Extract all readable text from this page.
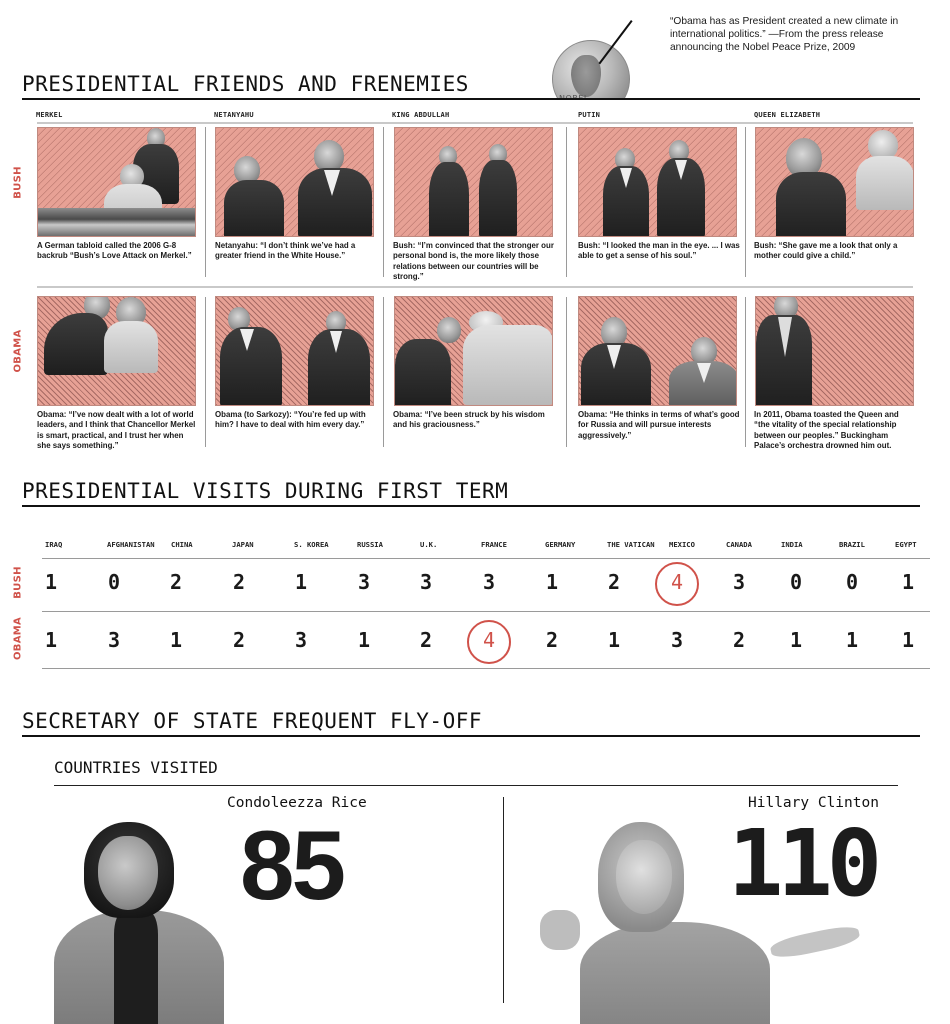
“Obama has as President created a new climate in international politics.” —From the press release announcing the Nobel Peace Prize, 2009
PRESIDENTIAL FRIENDS AND FRENEMIES
MERKEL	NETANYAHU	KING ABDULLAH	PUTIN	QUEEN ELIZABETH
BUSH
OBAMA
A German tabloid called the 2006 G-8 backrub “Bush’s Love Attack on Merkel.”
Netanyahu: “I don’t think we’ve had a greater friend in the White House.”
Bush: “I’m convinced that the stronger our personal bond is, the more likely those relations between our countries will be strong.”
Bush: “I looked the man in the eye. ... I was able to get a sense of his soul.”
Bush: “She gave me a look that only a mother could give a child.”
Obama: “I’ve now dealt with a lot of world leaders, and I think that Chancellor Merkel is smart, practical, and I trust her when she says something.”
Obama (to Sarkozy): “You’re fed up with him? I have to deal with him every day.”
Obama: “I’ve been struck by his wisdom and his graciousness.”
Obama: “He thinks in terms of what’s good for Russia and will pursue interests aggressively.”
In 2011, Obama toasted the Queen and “the vitality of the special relationship between our peoples.” Buckingham Palace’s orchestra drowned him out.
PRESIDENTIAL VISITS DURING FIRST TERM
IRAQ	AFGHANISTAN CHINA	JAPAN	S. KOREA	RUSSIA	U.K.	FRANCE	GERMANY	THE VATICAN MEXICO	CANADA	INDIA	BRAZIL	EGYPT
BUSH
OBAMA
1	0	2	2	1	3	3	3	1	2	4	3	0	0	1
1	3	1	2	3	1	2	4	2	1	3	2	1	1	1
SECRETARY OF STATE FREQUENT FLY-OFF
COUNTRIES VISITED
Condoleezza Rice
85
Hillary Clinton
110
